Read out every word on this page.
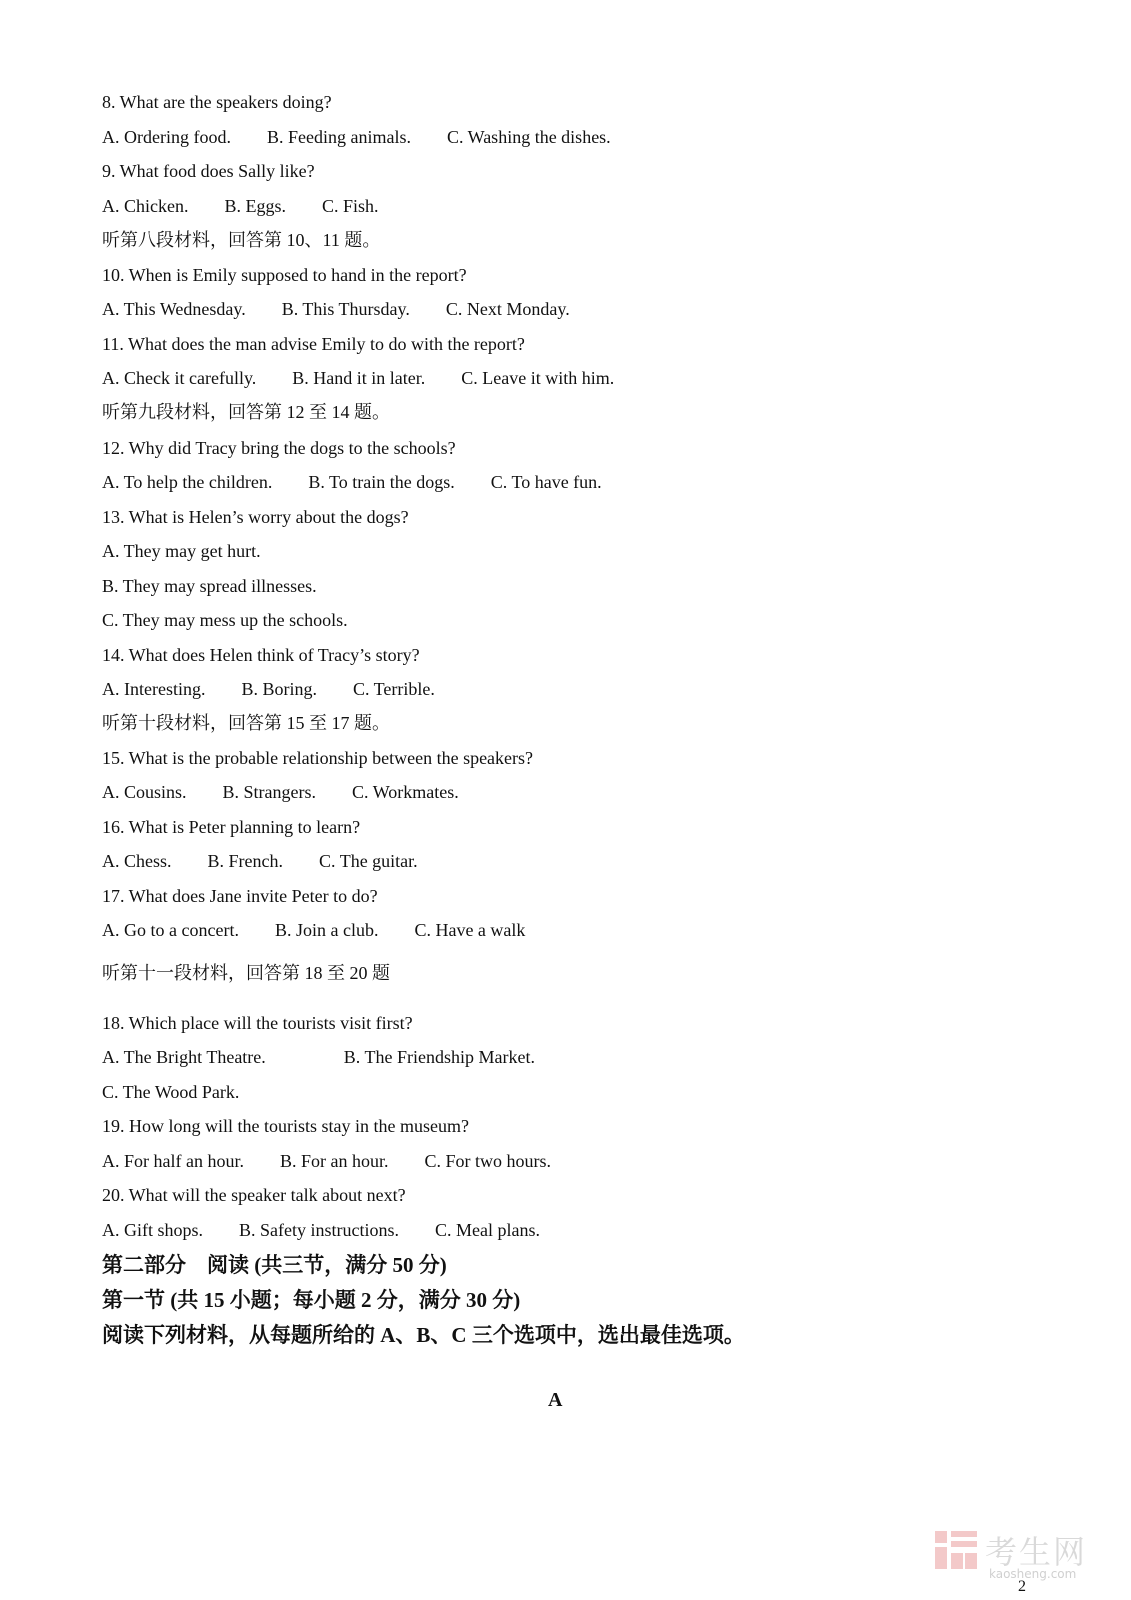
8. What are the speakers doing?
A. Ordering food. B. Feeding animals. C. Washing the dishes.
9. What food does Sally like?
A. Chicken. B. Eggs. C. Fish.
听第八段材料，回答第 10、11 题。
10. When is Emily supposed to hand in the report?
A. This Wednesday. B. This Thursday. C. Next Monday.
11. What does the man advise Emily to do with the report?
A. Check it carefully. B. Hand it in later. C. Leave it with him.
听第九段材料，回答第 12 至 14 题。
12. Why did Tracy bring the dogs to the schools?
A. To help the children. B. To train the dogs. C. To have fun.
13. What is Helen’s worry about the dogs?
A. They may get hurt.
B. They may spread illnesses.
C. They may mess up the schools.
14. What does Helen think of Tracy’s story?
A. Interesting. B. Boring. C. Terrible.
听第十段材料，回答第 15 至 17 题。
15. What is the probable relationship between the speakers?
A. Cousins. B. Strangers. C. Workmates.
16. What is Peter planning to learn?
A. Chess. B. French. C. The guitar.
17. What does Jane invite Peter to do?
A. Go to a concert. B. Join a club. C. Have a walk
听第十一段材料，回答第 18 至 20 题
18. Which place will the tourists visit first?
A. The Bright Theatre.	B. The Friendship Market.
C. The Wood Park.
19. How long will the tourists stay in the museum?
A. For half an hour. B. For an hour. C. For two hours.
20. What will the speaker talk about next?
A. Gift shops. B. Safety instructions. C. Meal plans.
第二部分　阅读 (共三节，满分 50 分)
第一节 (共 15 小题；每小题 2 分，满分 30 分)
阅读下列材料，从每题所给的 A、B、C 三个选项中，选出最佳选项。
A
考生网
kaosheng.com
2
